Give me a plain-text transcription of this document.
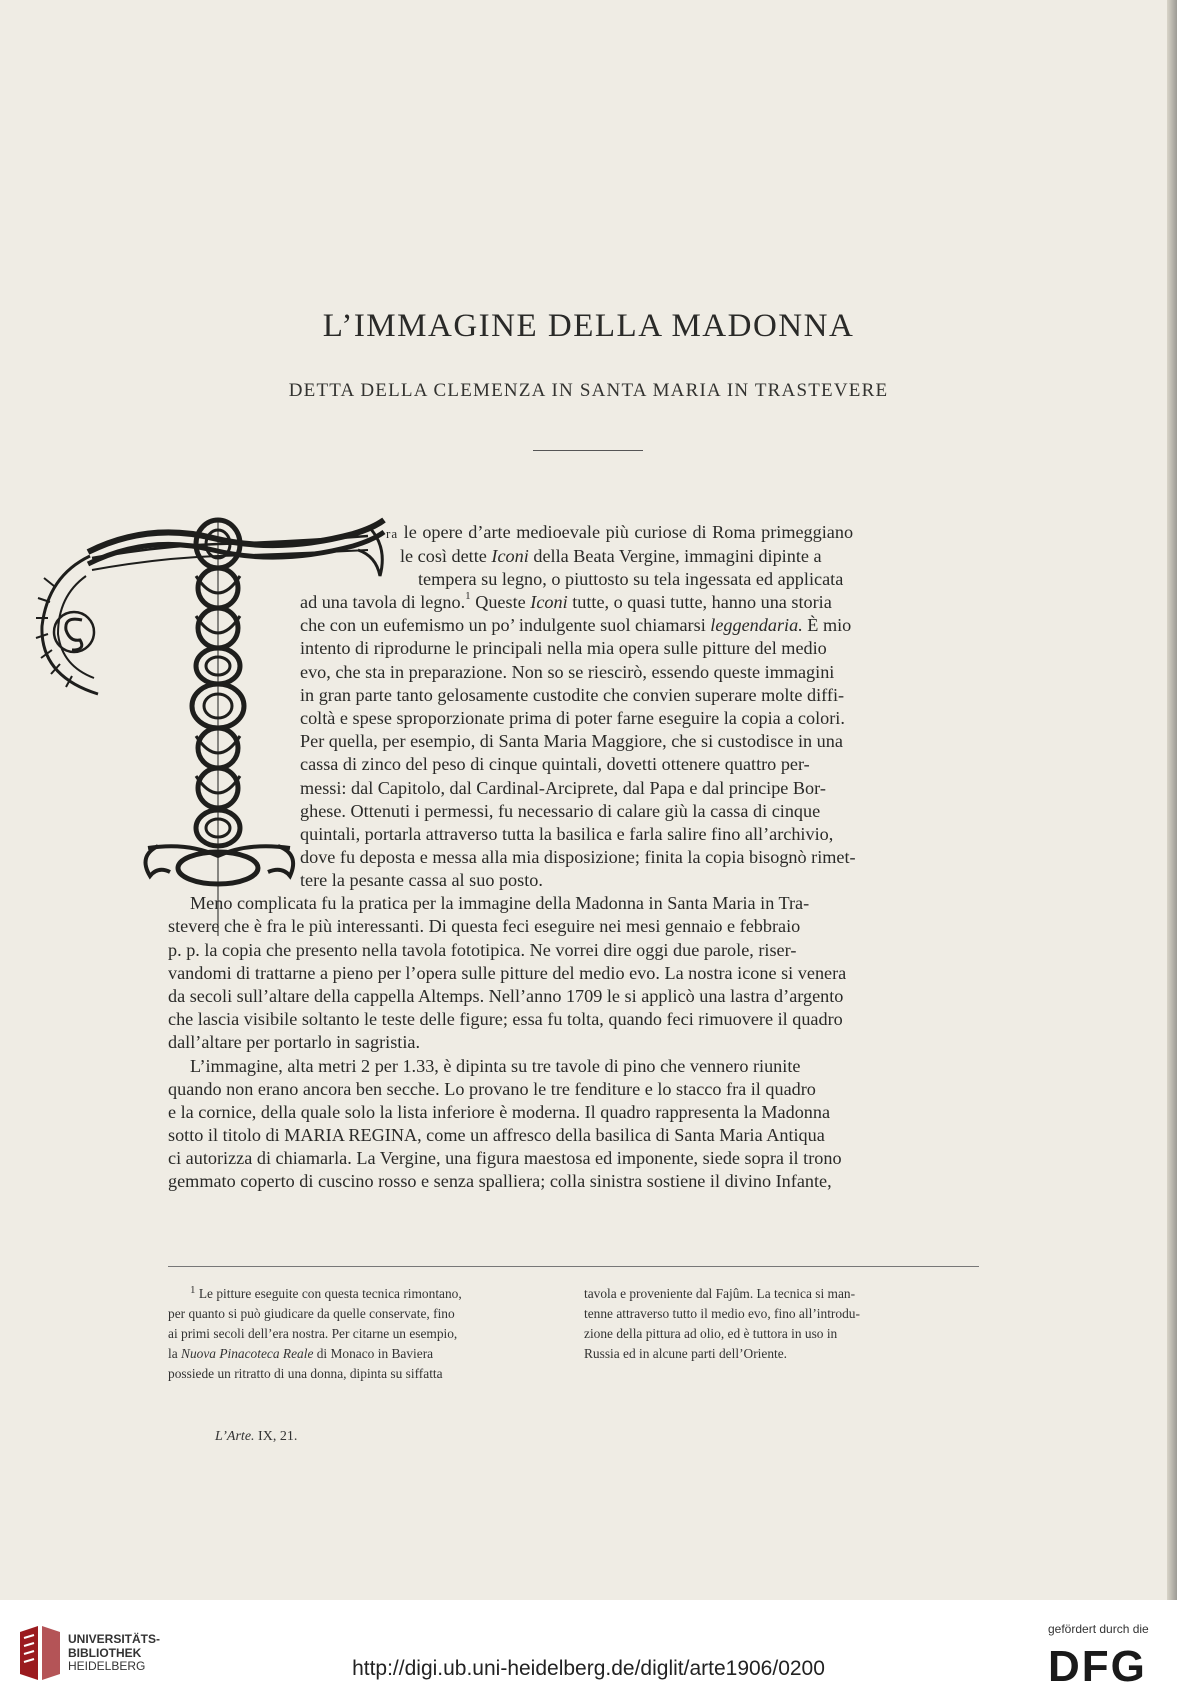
L’IMMAGINE DELLA MADONNA
DETTA DELLA CLEMENZA IN SANTA MARIA IN TRASTEVERE

ra le opere d’arte medioevale più curiose di Roma primeggiano

le così dette Iconi della Beata Vergine, immagini dipinte a

tempera su legno, o piuttosto su tela ingessata ed applicata

ad una tavola di legno.$^1$ Queste Iconi tutte, o quasi tutte, hanno una storia

che con un eufemismo un po’ indulgente suol chiamarsi leggendaria. È mio

intento di riprodurne le principali nella mia opera sulle pitture del medio

evo, che sta in preparazione. Non so se riescirò, essendo queste immagini

in gran parte tanto gelosamente custodite che convien superare molte diffi-

coltà e spese sproporzionate prima di poter farne eseguire la copia a colori.

Per quella, per esempio, di Santa Maria Maggiore, che si custodisce in una

cassa di zinco del peso di cinque quintali, dovetti ottenere quattro per-

messi: dal Capitolo, dal Cardinal-Arciprete, dal Papa e dal principe Bor-

ghese. Ottenuti i permessi, fu necessario di calare giù la cassa di cinque

quintali, portarla attraverso tutta la basilica e farla salire fino all’archivio,

dove fu deposta e messa alla mia disposizione; finita la copia bisognò rimet-

tere la pesante cassa al suo posto.

Meno complicata fu la pratica per la immagine della Madonna in Santa Maria in Tra-

stevere che è fra le più interessanti. Di questa feci eseguire nei mesi gennaio e febbraio

p. p. la copia che presento nella tavola fototipica. Ne vorrei dire oggi due parole, riser-

vandomi di trattarne a pieno per l’opera sulle pitture del medio evo. La nostra icone si venera

da secoli sull’altare della cappella Altemps. Nell’anno 1709 le si applicò una lastra d’argento

che lascia visibile soltanto le teste delle figure; essa fu tolta, quando feci rimuovere il quadro

dall’altare per portarlo in sagristia.

L’immagine, alta metri 2 per 1.33, è dipinta su tre tavole di pino che vennero riunite

quando non erano ancora ben secche. Lo provano le tre fenditure e lo stacco fra il quadro

e la cornice, della quale solo la lista inferiore è moderna. Il quadro rappresenta la Madonna

sotto il titolo di MARIA REGINA, come un affresco della basilica di Santa Maria Antiqua

ci autorizza di chiamarla. La Vergine, una figura maestosa ed imponente, siede sopra il trono

gemmato coperto di cuscino rosso e senza spalliera; colla sinistra sostiene il divino Infante,

$^1$ Le pitture eseguite con questa tecnica rimontano,

per quanto si può giudicare da quelle conservate, fino

ai primi secoli dell’era nostra. Per citarne un esempio,

la Nuova Pinacoteca Reale di Monaco in Baviera

possiede un ritratto di una donna, dipinta su siffatta

tavola e proveniente dal Fajûm. La tecnica si man-

tenne attraverso tutto il medio evo, fino all’introdu-

zione della pittura ad olio, ed è tuttora in uso in

Russia ed in alcune parti dell’Oriente.

L’Arte. IX, 21.

UNIVERSITÄTS-
BIBLIOTHEK
HEIDELBERG	http://digi.ub.uni-heidelberg.de/diglit/arte1906/0200
gefördert durch die
DFG
